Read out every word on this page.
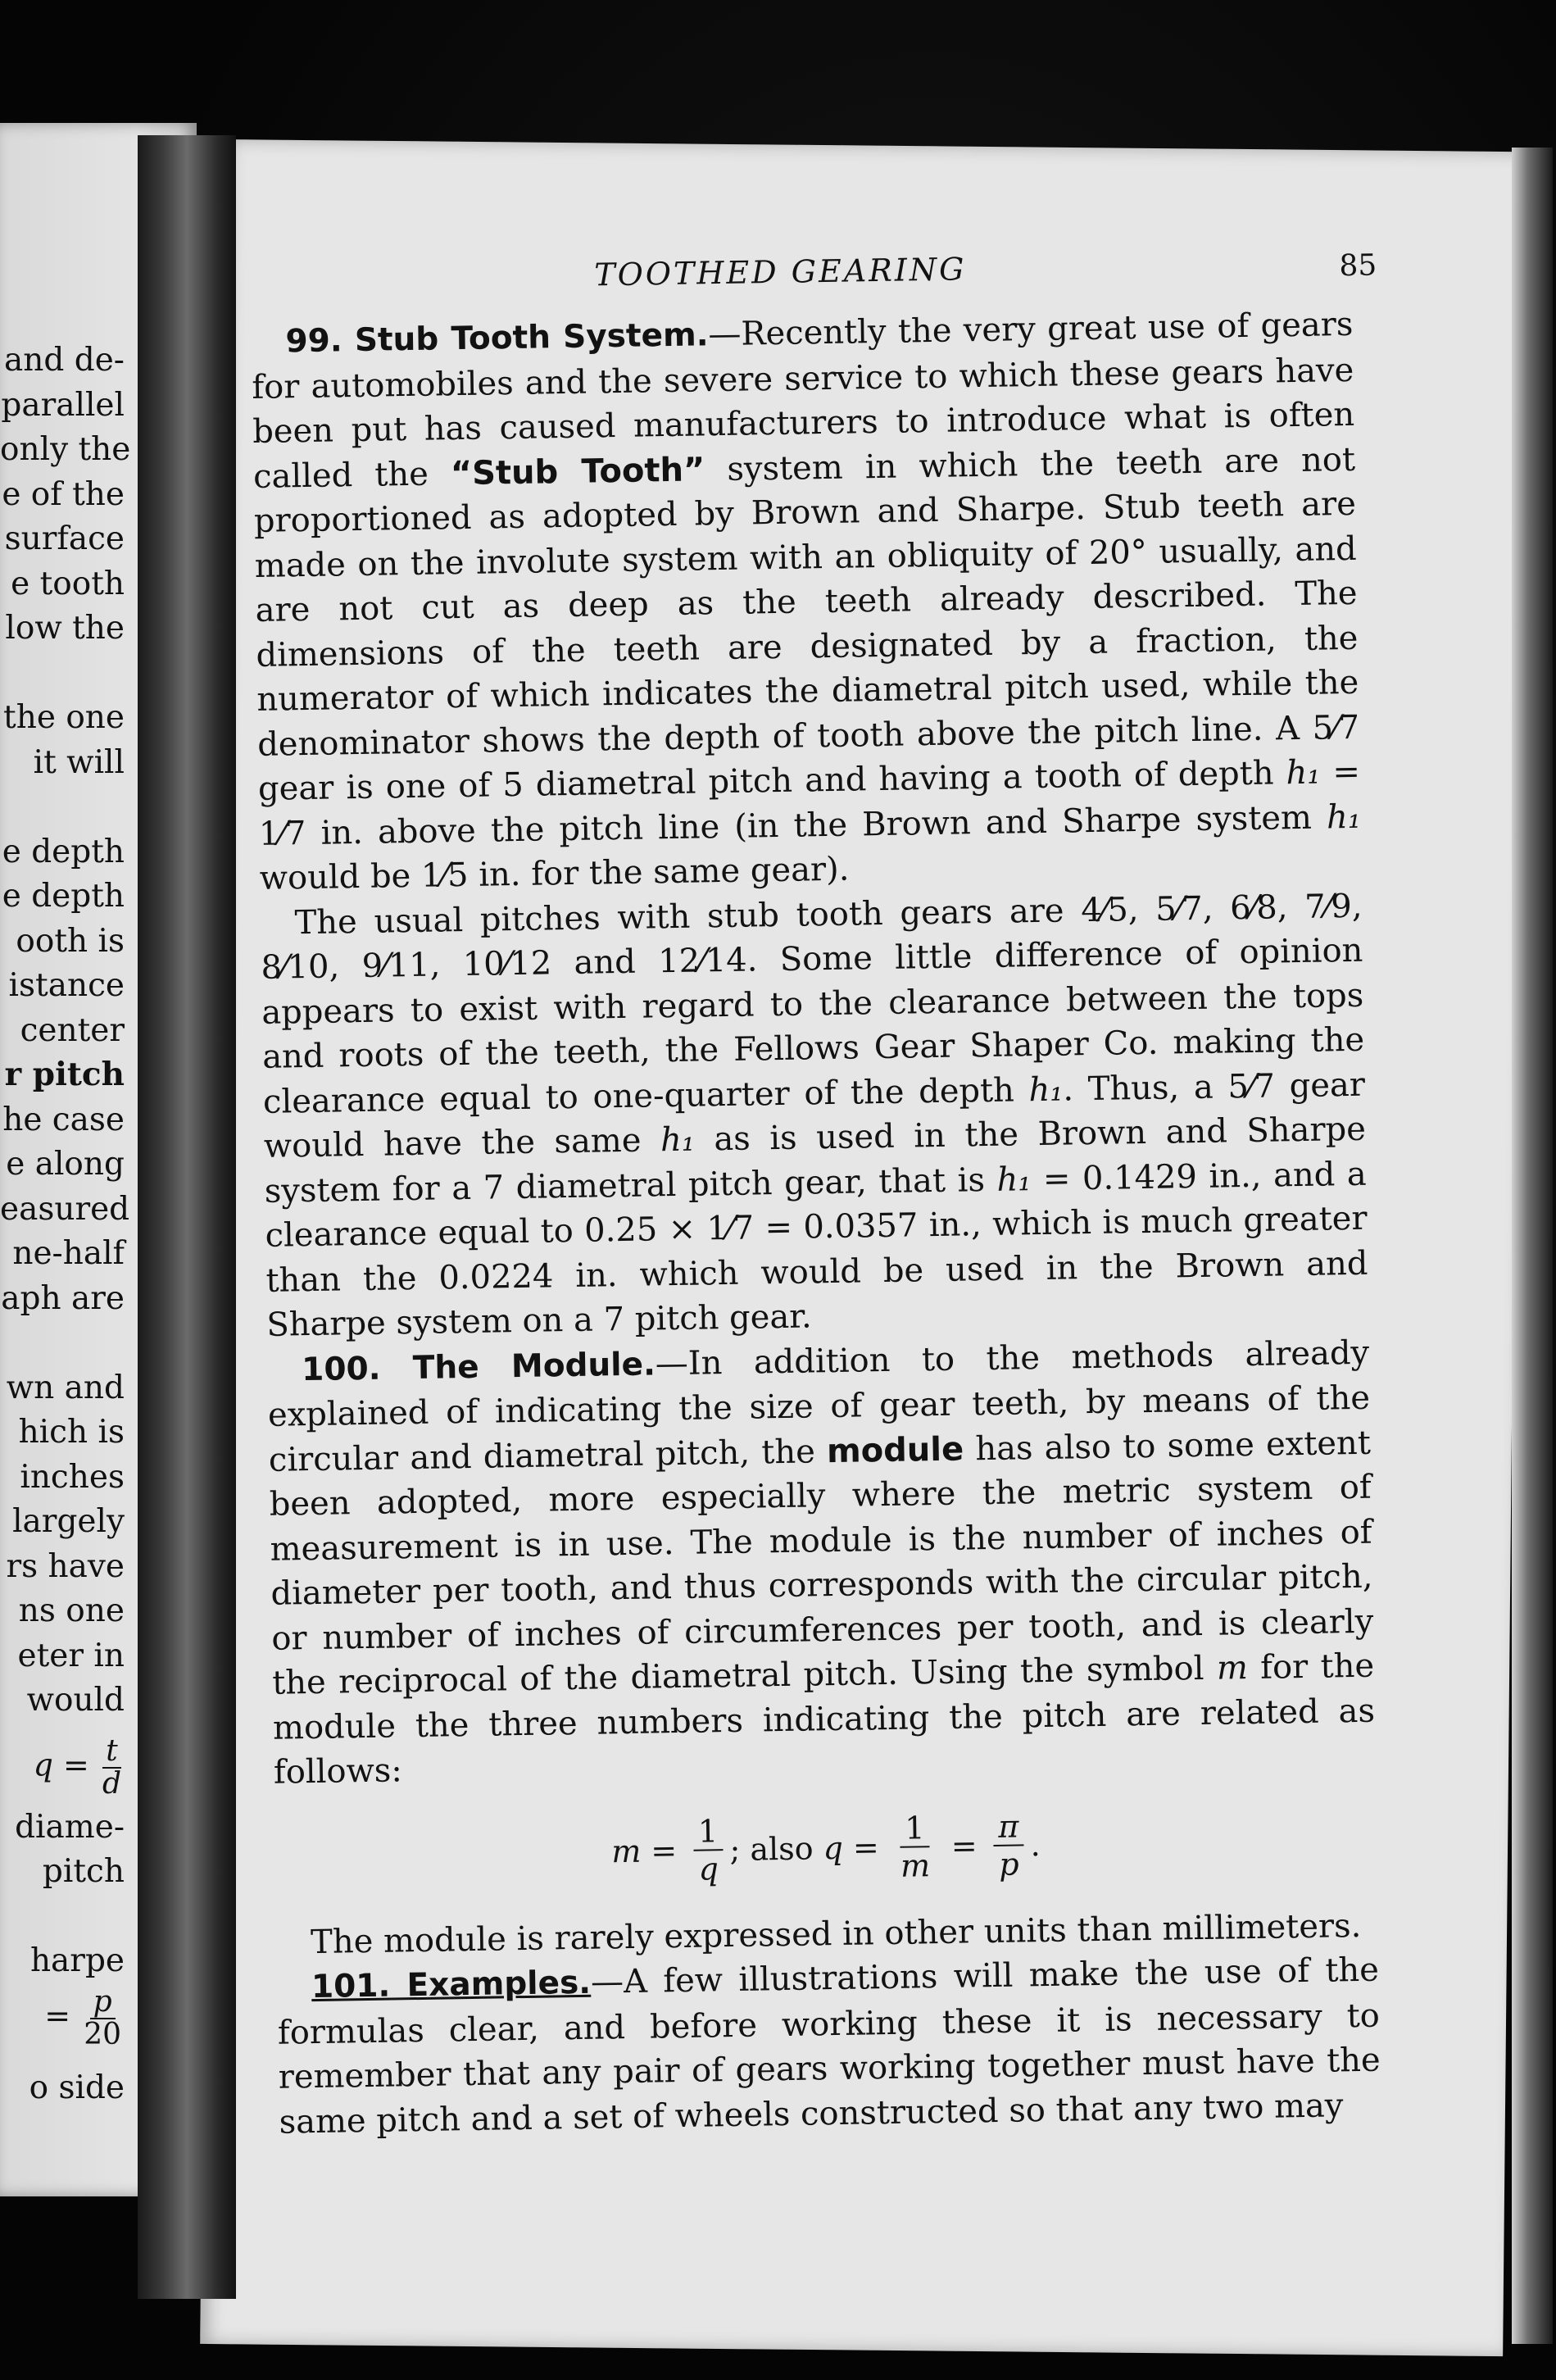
and de-
parallel
only the
e of the
surface
e tooth
low the
the one
it will
e depth
e depth
ooth is
istance
center
r pitch
he case
e along
easured
ne-half
aph are
wn and
hich is
inches
largely
rs have
ns one
eter in
would
$q = \frac{t}{d}$
diame-
pitch
harpe
= $\frac{p}{20}$
o side
TOOTHED GEARING	85

99. Stub Tooth System.—Recently the very great use of gears for automobiles and the severe service to which these gears have been put has caused manufacturers to introduce what is often called the “Stub Tooth” system in which the teeth are not proportioned as adopted by Brown and Sharpe. Stub teeth are made on the involute system with an obliquity of 20° usually, and are not cut as deep as the teeth already described. The dimensions of the teeth are designated by a fraction, the numerator of which indicates the diametral pitch used, while the denominator shows the depth of tooth above the pitch line. A 5⁄7 gear is one of 5 diametral pitch and having a tooth of depth h₁ = 1⁄7 in. above the pitch line (in the Brown and Sharpe system h₁ would be 1⁄5 in. for the same gear).

The usual pitches with stub tooth gears are 4⁄5, 5⁄7, 6⁄8, 7⁄9, 8⁄10, 9⁄11, 10⁄12 and 12⁄14. Some little difference of opinion appears to exist with regard to the clearance between the tops and roots of the teeth, the Fellows Gear Shaper Co. making the clearance equal to one-quarter of the depth h₁. Thus, a 5⁄7 gear would have the same h₁ as is used in the Brown and Sharpe system for a 7 diametral pitch gear, that is h₁ = 0.1429 in., and a clearance equal to 0.25 × 1⁄7 = 0.0357 in., which is much greater than the 0.0224 in. which would be used in the Brown and Sharpe system on a 7 pitch gear.

100. The Module.—In addition to the methods already explained of indicating the size of gear teeth, by means of the circular and diametral pitch, the module has also to some extent been adopted, more especially where the metric system of measurement is in use. The module is the number of inches of diameter per tooth, and thus corresponds with the circular pitch, or number of inches of circumferences per tooth, and is clearly the reciprocal of the diametral pitch. Using the symbol m for the module the three numbers indicating the pitch are related as follows:

$m = \frac{1}{q}$ ; also $q = \frac{1}{m} = \frac{\pi}{p}$ .

The module is rarely expressed in other units than millimeters.

101. Examples.—A few illustrations will make the use of the formulas clear, and before working these it is necessary to remember that any pair of gears working together must have the same pitch and a set of wheels constructed so that any two may
